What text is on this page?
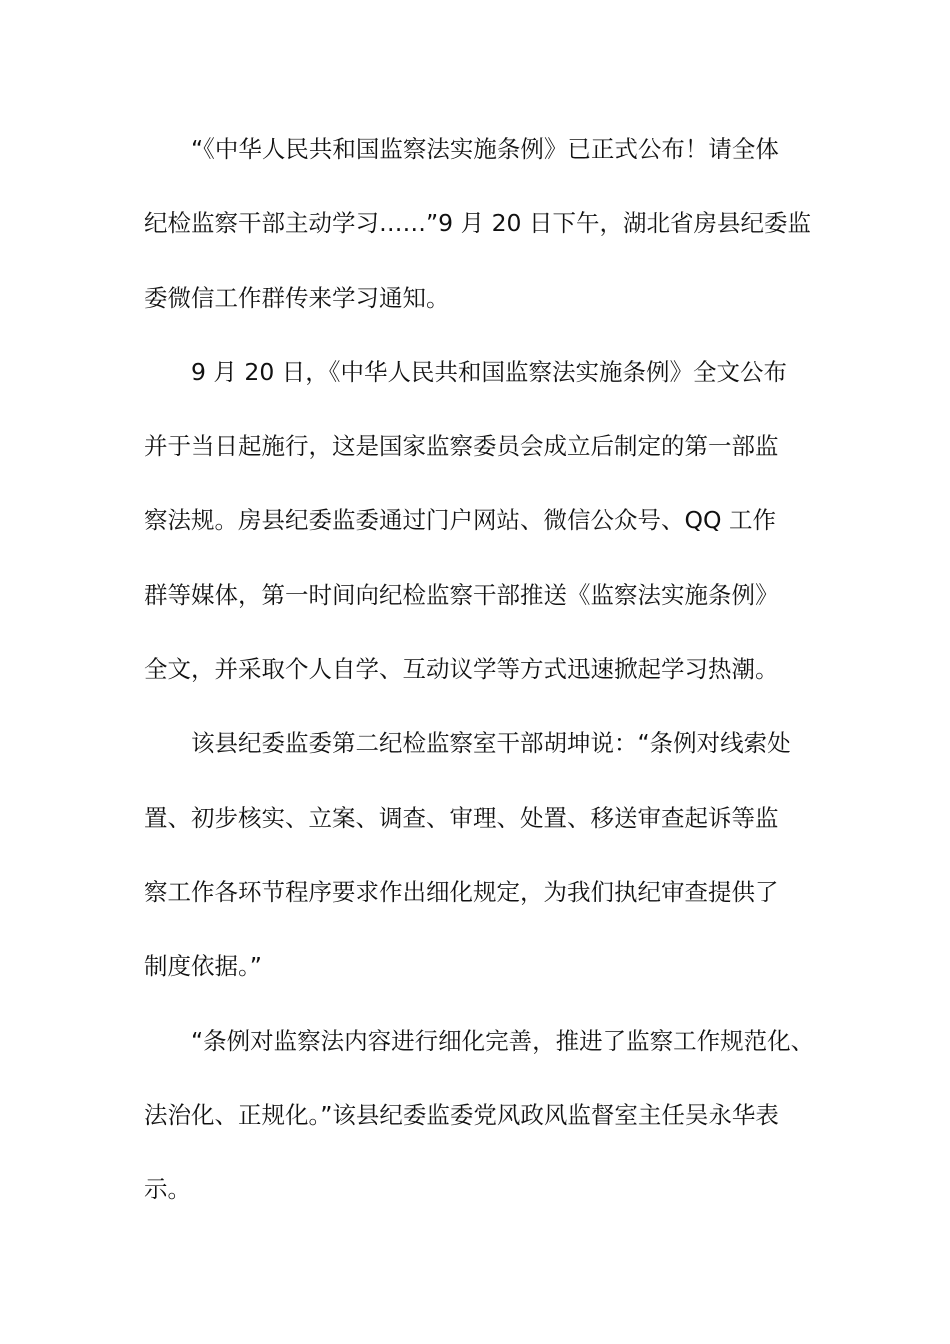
“《中华人民共和国监察法实施条例》已正式公布！请全体
纪检监察干部主动学习……”9 月 20 日下午，湖北省房县纪委监
委微信工作群传来学习通知。
9 月 20 日，《中华人民共和国监察法实施条例》全文公布
并于当日起施行，这是国家监察委员会成立后制定的第一部监
察法规。房县纪委监委通过门户网站、微信公众号、QQ 工作
群等媒体，第一时间向纪检监察干部推送《监察法实施条例》
全文，并采取个人自学、互动议学等方式迅速掀起学习热潮。
该县纪委监委第二纪检监察室干部胡坤说：“条例对线索处
置、初步核实、立案、调查、审理、处置、移送审查起诉等监
察工作各环节程序要求作出细化规定，为我们执纪审查提供了
制度依据。”
“条例对监察法内容进行细化完善，推进了监察工作规范化、
法治化、正规化。”该县纪委监委党风政风监督室主任吴永华表
示。
